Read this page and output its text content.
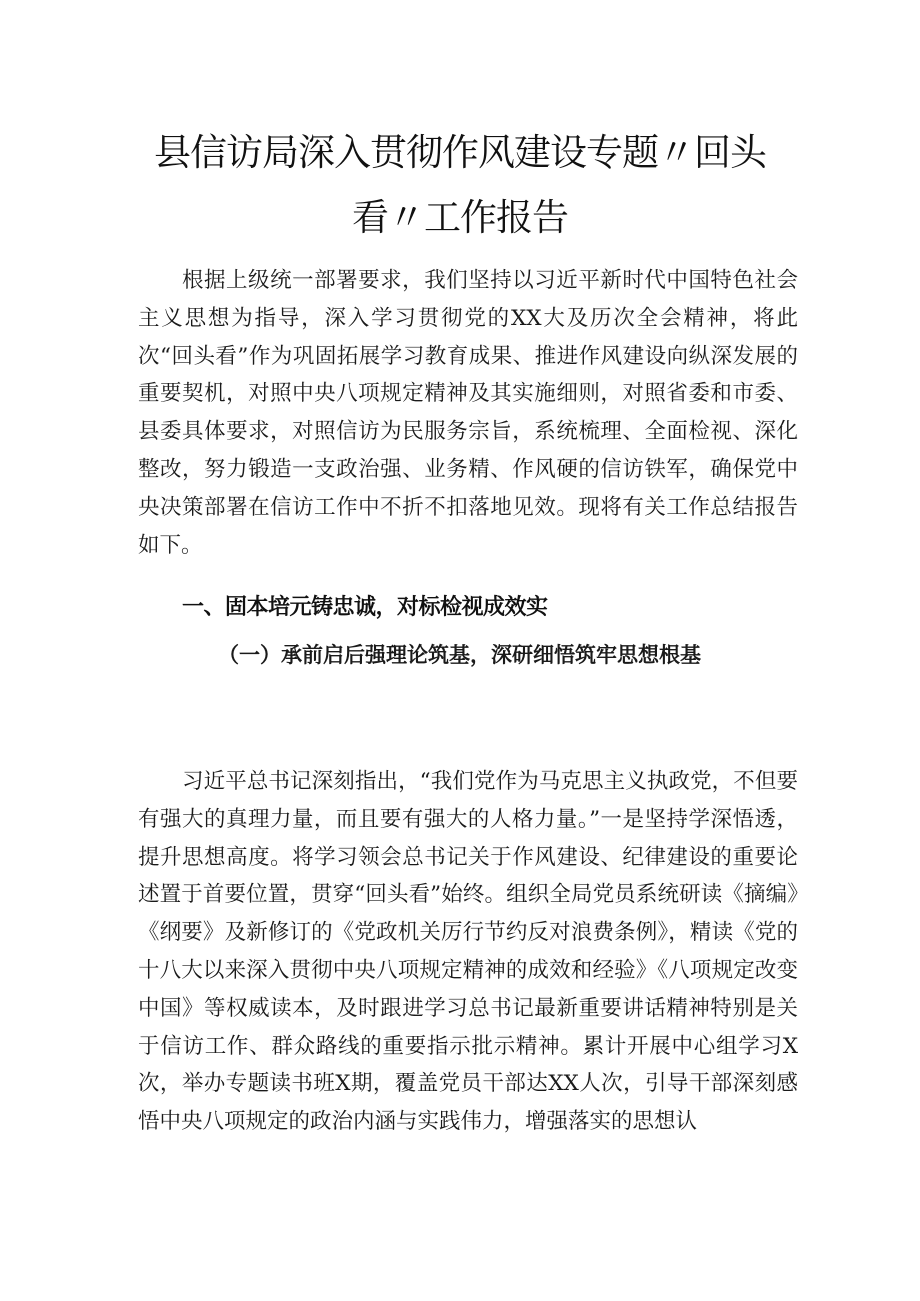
县信访局深入贯彻作风建设专题〃回头
看〃工作报告

根据上级统一部署要求，我们坚持以习近平新时代中国特色社会主义思想为指导，深入学习贯彻党的XX大及历次全会精神，将此次“回头看”作为巩固拓展学习教育成果、推进作风建设向纵深发展的重要契机，对照中央八项规定精神及其实施细则，对照省委和市委、县委具体要求，对照信访为民服务宗旨，系统梳理、全面检视、深化整改，努力锻造一支政治强、业务精、作风硬的信访铁军，确保党中央决策部署在信访工作中不折不扣落地见效。现将有关工作总结报告如下。

一、固本培元铸忠诚，对标检视成效实
（一）承前启后强理论筑基，深研细悟筑牢思想根基

习近平总书记深刻指出，“我们党作为马克思主义执政党，不但要有强大的真理力量，而且要有强大的人格力量。”一是坚持学深悟透，提升思想高度。将学习领会总书记关于作风建设、纪律建设的重要论述置于首要位置，贯穿“回头看”始终。组织全局党员系统研读《摘编》《纲要》及新修订的《党政机关厉行节约反对浪费条例》，精读《党的十八大以来深入贯彻中央八项规定精神的成效和经验》《八项规定改变中国》等权威读本，及时跟进学习总书记最新重要讲话精神特别是关于信访工作、群众路线的重要指示批示精神。累计开展中心组学习X次，举办专题读书班X期，覆盖党员干部达XX人次，引导干部深刻感悟中央八项规定的政治内涵与实践伟力，增强落实的思想认
